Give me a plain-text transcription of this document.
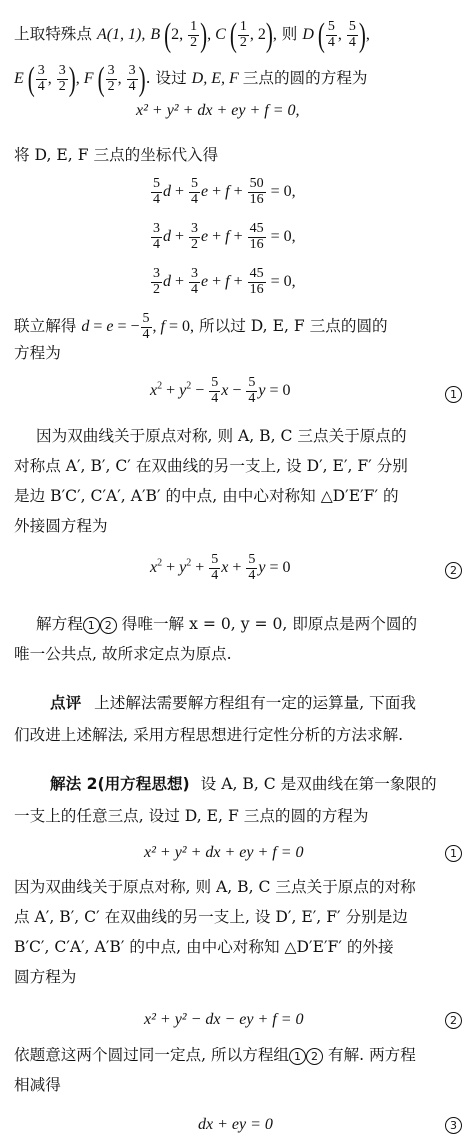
上取特殊点 A(1, 1), B (2, $\frac{1}{2}$ ), C ( $\frac{1}{2}$ , 2), 则 D ( $\frac{5}{4}$ , $\frac{5}{4}$ ),
E ( $\frac{3}{4}$ , $\frac{3}{2}$ ), F ( $\frac{3}{2}$ , $\frac{3}{4}$ ). 设过 D, E, F 三点的圆的方程为
x² + y² + dx + ey + f = 0,
将 D, E, F 三点的坐标代入得
$\frac{5}{4}$ $d + \frac{5}{4}$ $e + f + \frac{50}{16} = 0$,
$\frac{3}{4}$ $d + \frac{3}{2}$ $e + f + \frac{45}{16} = 0$,
$\frac{3}{2}$ $d + \frac{3}{4}$ $e + f + \frac{45}{16} = 0$,
联立解得 d = e = − $\frac{5}{4}$ , f = 0, 所以过 D, E, F 三点的圆的
方程为
$x^2 + y^2 - \frac{5}{4}$ $x - \frac{5}{4}$ y = 0	1
因为双曲线关于原点对称, 则 A, B, C 三点关于原点的
对称点 A′, B′, C′ 在双曲线的另一支上, 设 D′, E′, F′ 分别
是边 B′C′, C′A′, A′B′ 的中点, 由中心对称知 △D′E′F′ 的
外接圆方程为
$x^2 + y^2 + \frac{5}{4}$ $x + \frac{5}{4}$ y = 0	2
解方程 1 2 得唯一解 x = 0, y = 0, 即原点是两个圆的
唯一公共点, 故所求定点为原点.
点评 上述解法需要解方程组有一定的运算量, 下面我
们改进上述解法, 采用方程思想进行定性分析的方法求解.
解法 2(用方程思想) 设 A, B, C 是双曲线在第一象限的
一支上的任意三点, 设过 D, E, F 三点的圆的方程为
x² + y² + dx + ey + f = 0	1
因为双曲线关于原点对称, 则 A, B, C 三点关于原点的对称
点 A′, B′, C′ 在双曲线的另一支上, 设 D′, E′, F′ 分别是边
B′C′, C′A′, A′B′ 的中点, 由中心对称知 △D′E′F′ 的外接
圆方程为
x² + y² − dx − ey + f = 0	2
依题意这两个圆过同一定点, 所以方程组 1 2 有解. 两方程
相减得
dx + ey = 0	3
